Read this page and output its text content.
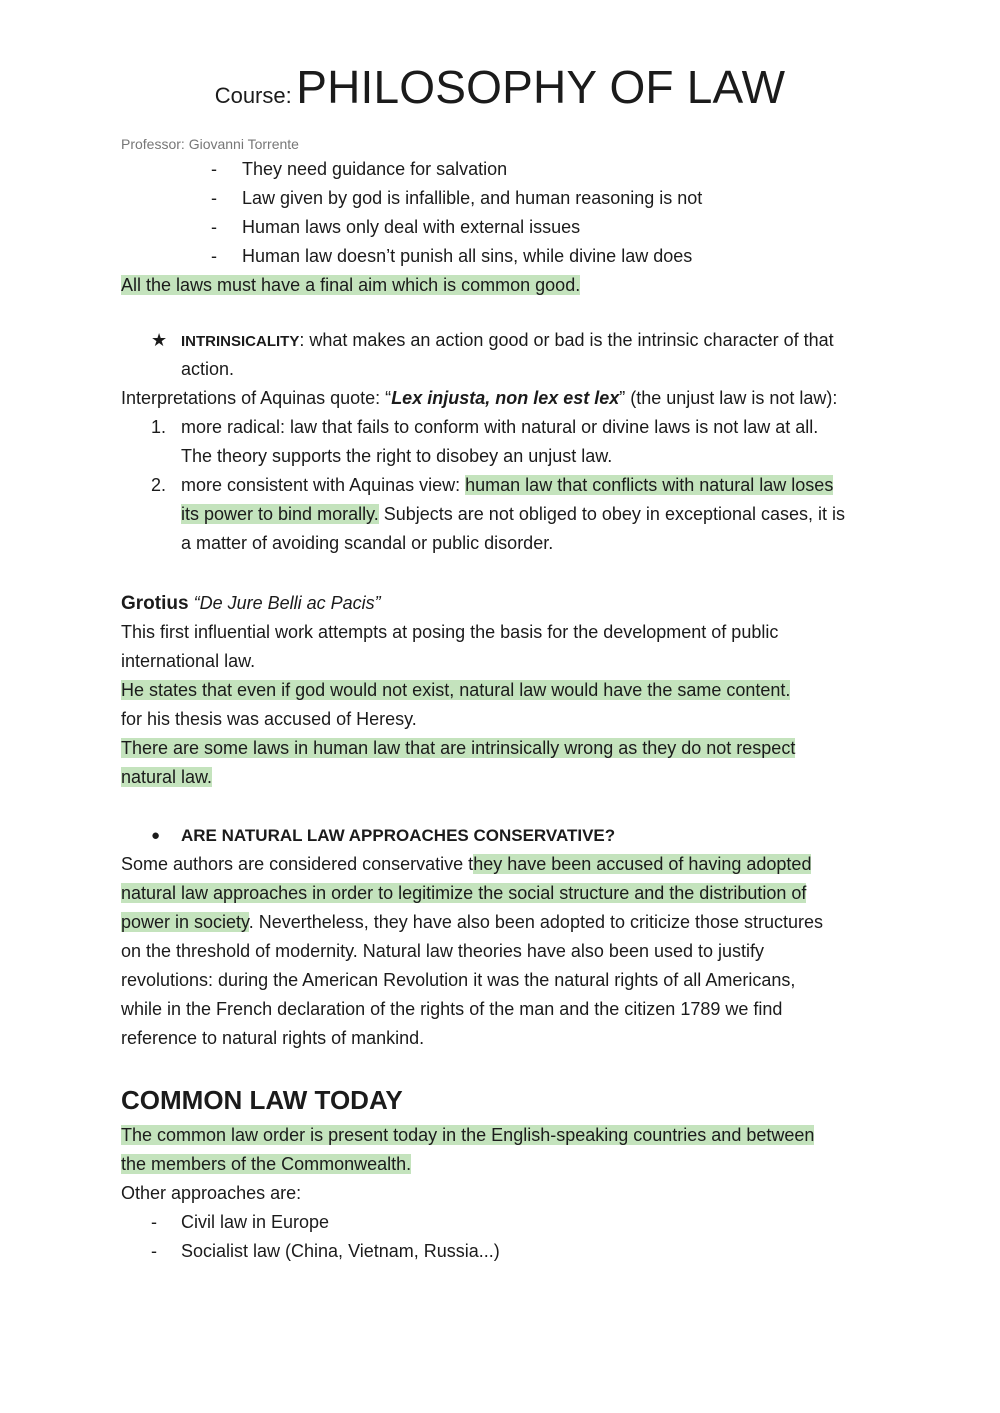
Course: PHILOSOPHY OF LAW
Professor: Giovanni Torrente
- They need guidance for salvation
- Law given by god is infallible, and human reasoning is not
- Human laws only deal with external issues
- Human law doesn’t punish all sins, while divine law does
All the laws must have a final aim which is common good.
★ INTRINSICALITY: what makes an action good or bad is the intrinsic character of that
action.
Interpretations of Aquinas quote: “Lex injusta, non lex est lex” (the unjust law is not law):
1. more radical: law that fails to conform with natural or divine laws is not law at all.
The theory supports the right to disobey an unjust law.
2. more consistent with Aquinas view: human law that conflicts with natural law loses
its power to bind morally. Subjects are not obliged to obey in exceptional cases, it is
a matter of avoiding scandal or public disorder.
Grotius “De Jure Belli ac Pacis”
This first influential work attempts at posing the basis for the development of public
international law.
He states that even if god would not exist, natural law would have the same content.
for his thesis was accused of Heresy.
There are some laws in human law that are intrinsically wrong as they do not respect
natural law.
● ARE NATURAL LAW APPROACHES CONSERVATIVE?
Some authors are considered conservative they have been accused of having adopted
natural law approaches in order to legitimize the social structure and the distribution of
power in society. Nevertheless, they have also been adopted to criticize those structures
on the threshold of modernity. Natural law theories have also been used to justify
revolutions: during the American Revolution it was the natural rights of all Americans,
while in the French declaration of the rights of the man and the citizen 1789 we find
reference to natural rights of mankind.
COMMON LAW TODAY
The common law order is present today in the English-speaking countries and between
the members of the Commonwealth.
Other approaches are:
- Civil law in Europe
- Socialist law (China, Vietnam, Russia...)
